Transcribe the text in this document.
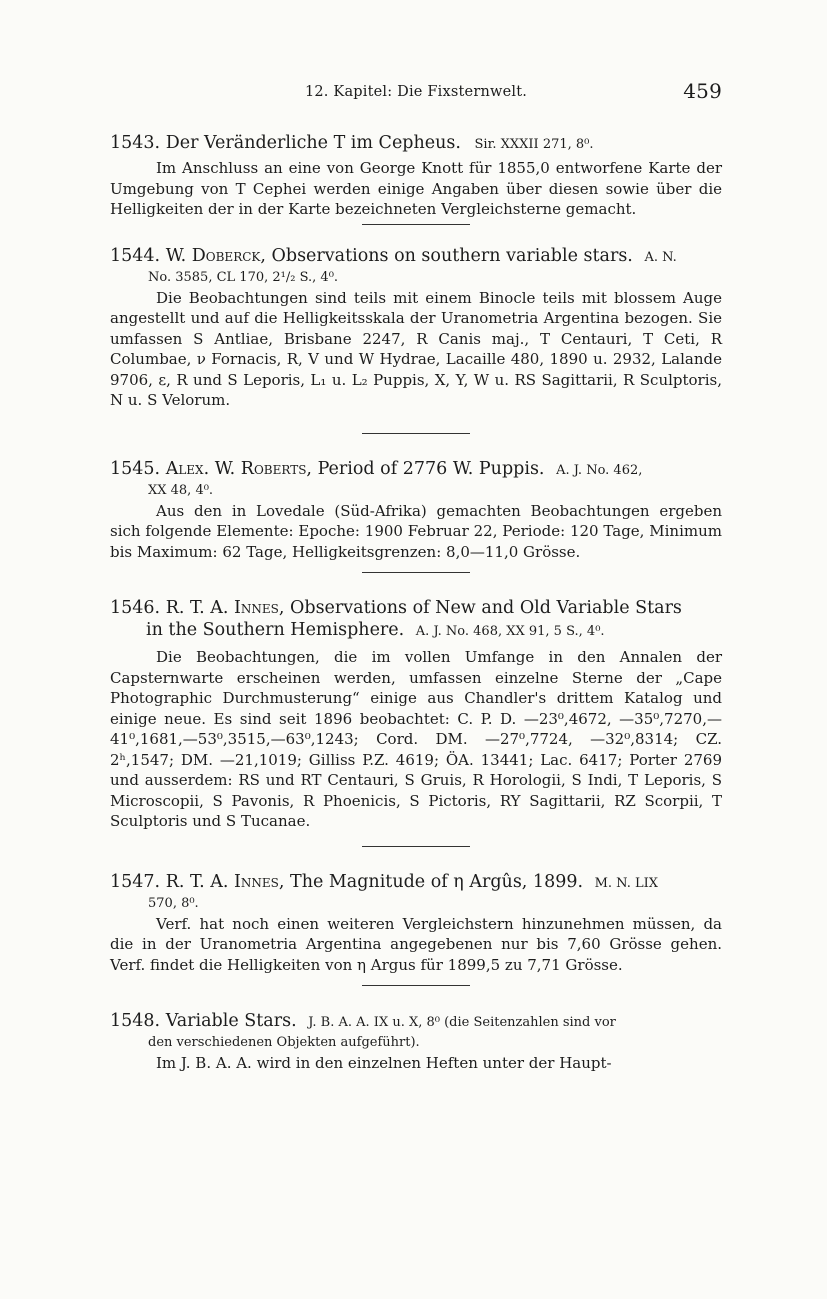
12. Kapitel: Die Fixsternwelt.	459
1543. Der Veränderliche T im Cepheus. Sir. XXXII 271, 8⁰.

Im Anschluss an eine von George Knott für 1855,0 entworfene Karte der Umgebung von T Cephei werden einige Angaben über diesen sowie über die Helligkeiten der in der Karte bezeichneten Vergleichsterne gemacht.

1544. W. Doberck, Observations on southern variable stars. A. N.
No. 3585, CL 170, 2¹/₂ S., 4⁰.

Die Beobachtungen sind teils mit einem Binocle teils mit blossem Auge angestellt und auf die Helligkeitsskala der Uranometria Argentina bezogen. Sie umfassen S Antliae, Brisbane 2247, R Canis maj., T Centauri, T Ceti, R Columbae, ν Fornacis, R, V und W Hydrae, Lacaille 480, 1890 u. 2932, Lalande 9706, ε, R und S Leporis, L₁ u. L₂ Puppis, X, Y, W u. RS Sagittarii, R Sculptoris, N u. S Velorum.

1545. Alex. W. Roberts, Period of 2776 W. Puppis. A. J. No. 462,
XX 48, 4⁰.

Aus den in Lovedale (Süd-Afrika) gemachten Beobachtungen ergeben sich folgende Elemente: Epoche: 1900 Februar 22, Periode: 120 Tage, Minimum bis Maximum: 62 Tage, Helligkeitsgrenzen: 8,0—11,0 Grösse.

1546. R. T. A. Innes, Observations of New and Old Variable Stars
in the Southern Hemisphere. A. J. No. 468, XX 91, 5 S., 4⁰.

Die Beobachtungen, die im vollen Umfange in den Annalen der Capsternwarte erscheinen werden, umfassen einzelne Sterne der „Cape Photographic Durchmusterung“ einige aus Chandler's drittem Katalog und einige neue. Es sind seit 1896 beobachtet: C. P. D. —23⁰,4672, —35⁰,7270,—41⁰,1681,—53⁰,3515,—63⁰,1243; Cord. DM. —27⁰,7724, —32⁰,8314; CZ. 2ʰ,1547; DM. —21,1019; Gilliss P.Z. 4619; ÖA. 13441; Lac. 6417; Porter 2769 und ausserdem: RS und RT Centauri, S Gruis, R Horologii, S Indi, T Leporis, S Microscopii, S Pavonis, R Phoenicis, S Pictoris, RY Sagittarii, RZ Scorpii, T Sculptoris und S Tucanae.

1547. R. T. A. Innes, The Magnitude of η Argûs, 1899. M. N. LIX
570, 8⁰.

Verf. hat noch einen weiteren Vergleichstern hinzunehmen müssen, da die in der Uranometria Argentina angegebenen nur bis 7,60 Grösse gehen. Verf. findet die Helligkeiten von η Argus für 1899,5 zu 7,71 Grösse.

1548. Variable Stars. J. B. A. A. IX u. X, 8⁰ (die Seitenzahlen sind vor
den verschiedenen Objekten aufgeführt).

Im J. B. A. A. wird in den einzelnen Heften unter der Haupt-
